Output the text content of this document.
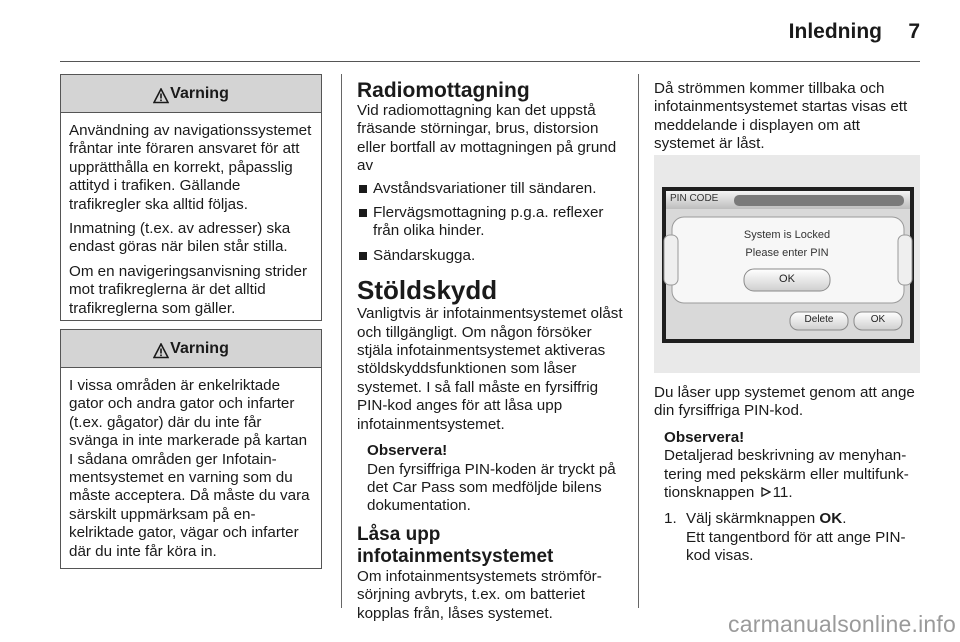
Inledning 7
Varning

Användning av navigationssystemet fråntar inte föraren ansvaret för att upprätthålla en korrekt, påpasslig attityd i trafiken. Gällande trafikregler ska alltid följas.

Inmatning (t.ex. av adresser) ska endast göras när bilen står stilla.

Om en navigeringsanvisning strider mot trafikreglerna är det alltid trafikreglerna som gäller.

Varning

I vissa områden är enkelriktade gator och andra gator och infarter (t.ex. gågator) där du inte får svänga in inte markerade på kartan I sådana områden ger Infotainmentsystemet en varning som du måste acceptera. Då måste du vara särskilt uppmärksam på enkelriktade gator, vägar och infarter där du inte får köra in.

Radiomottagning

Vid radiomottagning kan det uppstå fräsande störningar, brus, distorsion eller bortfall av mottagningen på grund av

Avståndsvariationer till sändaren.
Flervägsmottagning p.g.a. reflexer från olika hinder.
Sändarskugga.
Stöldskydd

Vanligtvis är infotainmentsystemet olåst och tillgängligt. Om någon försöker stjäla infotainmentsystemet aktiveras stöldskyddsfunktionen som låser systemet. I så fall måste en fyrsiffrig PIN-kod anges för att låsa upp infotainmentsystemet.

Observera!
Den fyrsiffriga PIN-koden är tryckt på det Car Pass som medföljde bilens dokumentation.
Låsa upp infotainmentsystemet

Om infotainmentsystemets strömförsörjning avbryts, t.ex. om batteriet kopplas från, låses systemet.

Då strömmen kommer tillbaka och infotainmentsystemet startas visas ett meddelande i displayen om att systemet är låst.

PIN CODE
System is Locked
Please enter PIN
OK
Delete	OK

Du låser upp systemet genom att ange din fyrsiffriga PIN-kod.

Observera!
Detaljerad beskrivning av menyhantering med pekskärm eller multifunktionsknappen 11.
1. Välj skärmknappen OK.
Ett tangentbord för att ange PIN-kod visas.
carmanualsonline.info
